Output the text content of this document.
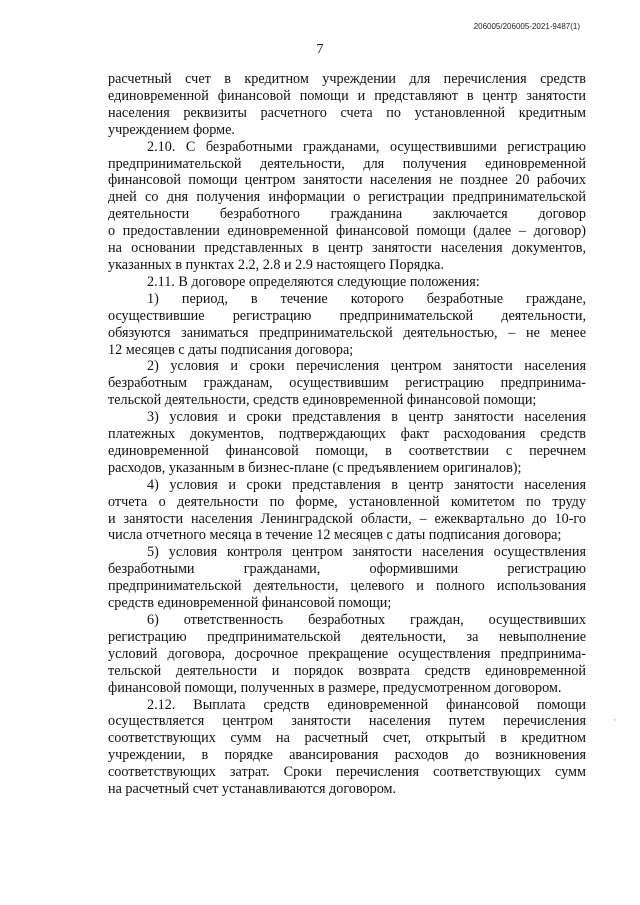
206005/206005-2021-9487(1)
7
расчетный счет в кредитном учреждении для перечисления средств
единовременной финансовой помощи и представляют в центр занятости
населения реквизиты расчетного счета по установленной кредитным
учреждением форме.
2.10. С безработными гражданами, осуществившими регистрацию
предпринимательской деятельности, для получения единовременной
финансовой помощи центром занятости населения не позднее 20 рабочих
дней со дня получения информации о регистрации предпринимательской
деятельности безработного гражданина заключается договор
о предоставлении единовременной финансовой помощи (далее – договор)
на основании представленных в центр занятости населения документов,
указанных в пунктах 2.2, 2.8 и 2.9 настоящего Порядка.
2.11. В договоре определяются следующие положения:
1) период, в течение которого безработные граждане,
осуществившие регистрацию предпринимательской деятельности,
обязуются заниматься предпринимательской деятельностью, – не менее
12 месяцев с даты подписания договора;
2) условия и сроки перечисления центром занятости населения
безработным гражданам, осуществившим регистрацию предпринима-
тельской деятельности, средств единовременной финансовой помощи;
3) условия и сроки представления в центр занятости населения
платежных документов, подтверждающих факт расходования средств
единовременной финансовой помощи, в соответствии с перечнем
расходов, указанным в бизнес-плане (с предъявлением оригиналов);
4) условия и сроки представления в центр занятости населения
отчета о деятельности по форме, установленной комитетом по труду
и занятости населения Ленинградской области, – ежеквартально до 10-го
числа отчетного месяца в течение 12 месяцев с даты подписания договора;
5) условия контроля центром занятости населения осуществления
безработными гражданами, оформившими регистрацию
предпринимательской деятельности, целевого и полного использования
средств единовременной финансовой помощи;
6) ответственность безработных граждан, осуществивших
регистрацию предпринимательской деятельности, за невыполнение
условий договора, досрочное прекращение осуществления предпринима-
тельской деятельности и порядок возврата средств единовременной
финансовой помощи, полученных в размере, предусмотренном договором.
2.12. Выплата средств единовременной финансовой помощи
осуществляется центром занятости населения путем перечисления
соответствующих сумм на расчетный счет, открытый в кредитном
учреждении, в порядке авансирования расходов до возникновения
соответствующих затрат. Сроки перечисления соответствующих сумм
на расчетный счет устанавливаются договором.
·
